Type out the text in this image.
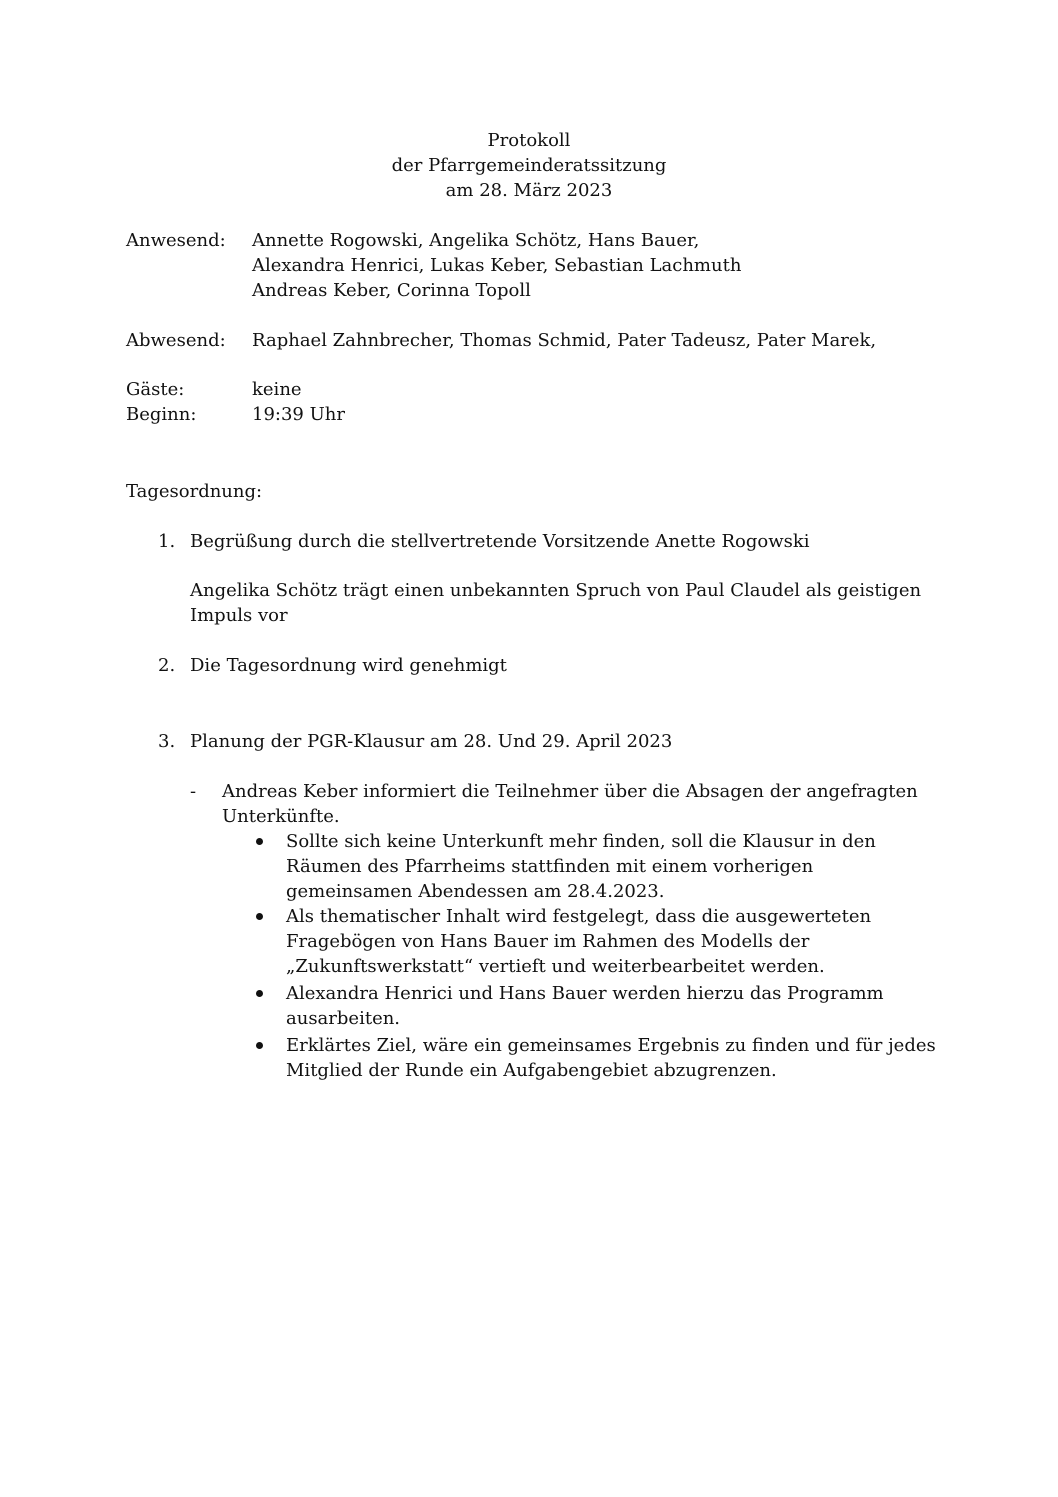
Protokoll
der Pfarrgemeinderatssitzung
am 28. März 2023
Anwesend: Annette Rogowski, Angelika Schötz, Hans Bauer,
Alexandra Henrici, Lukas Keber, Sebastian Lachmuth
Andreas Keber, Corinna Topoll
Abwesend: Raphael Zahnbrecher, Thomas Schmid, Pater Tadeusz, Pater Marek,
Gäste:	keine
Beginn:	19:39 Uhr
Tagesordnung:
1. Begrüßung durch die stellvertretende Vorsitzende Anette Rogowski
Angelika Schötz trägt einen unbekannten Spruch von Paul Claudel als geistigen
Impuls vor
2. Die Tagesordnung wird genehmigt
3. Planung der PGR-Klausur am 28. Und 29. April 2023
- Andreas Keber informiert die Teilnehmer über die Absagen der angefragten
Unterkünfte.
Sollte sich keine Unterkunft mehr finden, soll die Klausur in den
Räumen des Pfarrheims stattfinden mit einem vorherigen
gemeinsamen Abendessen am 28.4.2023.
Als thematischer Inhalt wird festgelegt, dass die ausgewerteten
Fragebögen von Hans Bauer im Rahmen des Modells der
„Zukunftswerkstatt“ vertieft und weiterbearbeitet werden.
Alexandra Henrici und Hans Bauer werden hierzu das Programm
ausarbeiten.
Erklärtes Ziel, wäre ein gemeinsames Ergebnis zu finden und für jedes
Mitglied der Runde ein Aufgabengebiet abzugrenzen.
